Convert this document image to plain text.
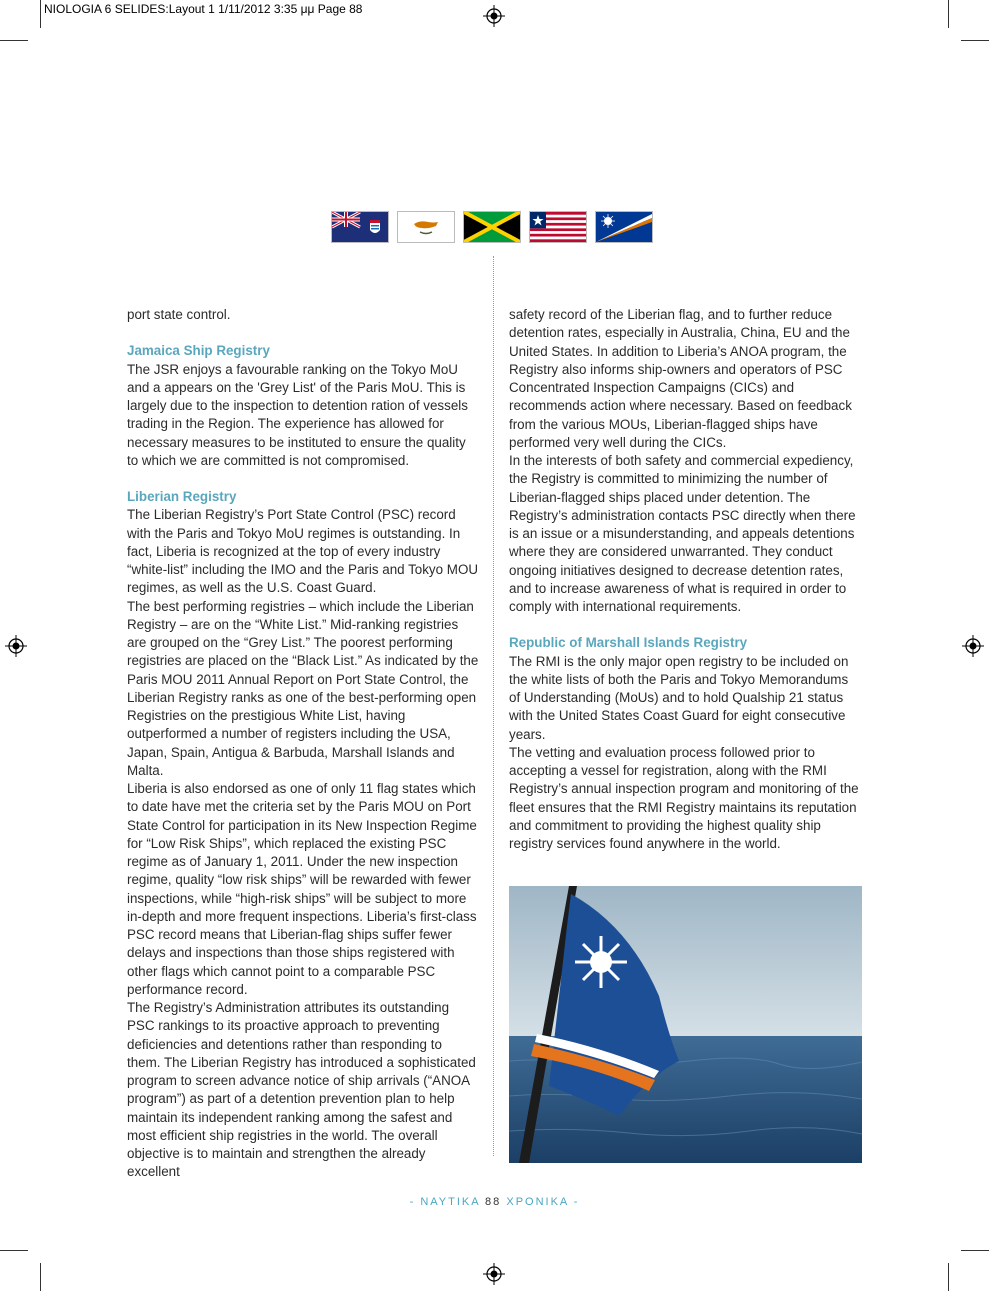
NIOLOGIA 6 SELIDES:Layout 1 1/11/2012 3:35 μμ Page 88

port state control.

Jamaica Ship Registry

The JSR enjoys a favourable ranking on the Tokyo MoU and a appears on the 'Grey List' of the Paris MoU. This is largely due to the inspection to detention ration of vessels trading in the Region. The experience has allowed for necessary measures to be instituted to ensure the quality to which we are committed is not compromised.

Liberian Registry

The Liberian Registry’s Port State Control (PSC) record with the Paris and Tokyo MoU regimes is outstanding. In fact, Liberia is recognized at the top of every industry “white-list” including the IMO and the Paris and Tokyo MOU regimes, as well as the U.S. Coast Guard.

The best performing registries – which include the Liberian Registry – are on the “White List.” Mid-ranking registries are grouped on the “Grey List.” The poorest performing registries are placed on the “Black List.” As indicated by the Paris MOU 2011 Annual Report on Port State Control, the Liberian Registry ranks as one of the best-performing open Registries on the prestigious White List, having outperformed a number of registers including the USA, Japan, Spain, Antigua & Barbuda, Marshall Islands and Malta.

Liberia is also endorsed as one of only 11 flag states which to date have met the criteria set by the Paris MOU on Port State Control for participation in its New Inspection Regime for “Low Risk Ships”, which replaced the existing PSC regime as of January 1, 2011. Under the new inspection regime, quality “low risk ships” will be rewarded with fewer inspections, while “high-risk ships” will be subject to more in-depth and more frequent inspections. Liberia’s first-class PSC record means that Liberian-flag ships suffer fewer delays and inspections than those ships registered with other flags which cannot point to a comparable PSC performance record.

The Registry’s Administration attributes its outstanding PSC rankings to its proactive approach to preventing deficiencies and detentions rather than responding to them. The Liberian Registry has introduced a sophisticated program to screen advance notice of ship arrivals (“ANOA program”) as part of a detention prevention plan to help maintain its independent ranking among the safest and most efficient ship registries in the world. The overall objective is to maintain and strengthen the already excellent

safety record of the Liberian flag, and to further reduce detention rates, especially in Australia, China, EU and the United States. In addition to Liberia’s ANOA program, the Registry also informs ship-owners and operators of PSC Concentrated Inspection Campaigns (CICs) and recommends action where necessary. Based on feedback from the various MOUs, Liberian-flagged ships have performed very well during the CICs.

In the interests of both safety and commercial expediency, the Registry is committed to minimizing the number of Liberian-flagged ships placed under detention. The Registry’s administration contacts PSC directly when there is an issue or a misunderstanding, and appeals detentions where they are considered unwarranted. They conduct ongoing initiatives designed to decrease detention rates, and to increase awareness of what is required in order to comply with international requirements.

Republic of Marshall Islands Registry

The RMI is the only major open registry to be included on the white lists of both the Paris and Tokyo Memorandums of Understanding (MoUs) and to hold Qualship 21 status with the United States Coast Guard for eight consecutive years.

The vetting and evaluation process followed prior to accepting a vessel for registration, along with the RMI Registry’s annual inspection program and monitoring of the fleet ensures that the RMI Registry maintains its reputation and commitment to providing the highest quality ship registry services found anywhere in the world.

- ΝΑΥΤΙΚΑ 88 ΧΡΟΝΙΚΑ -
